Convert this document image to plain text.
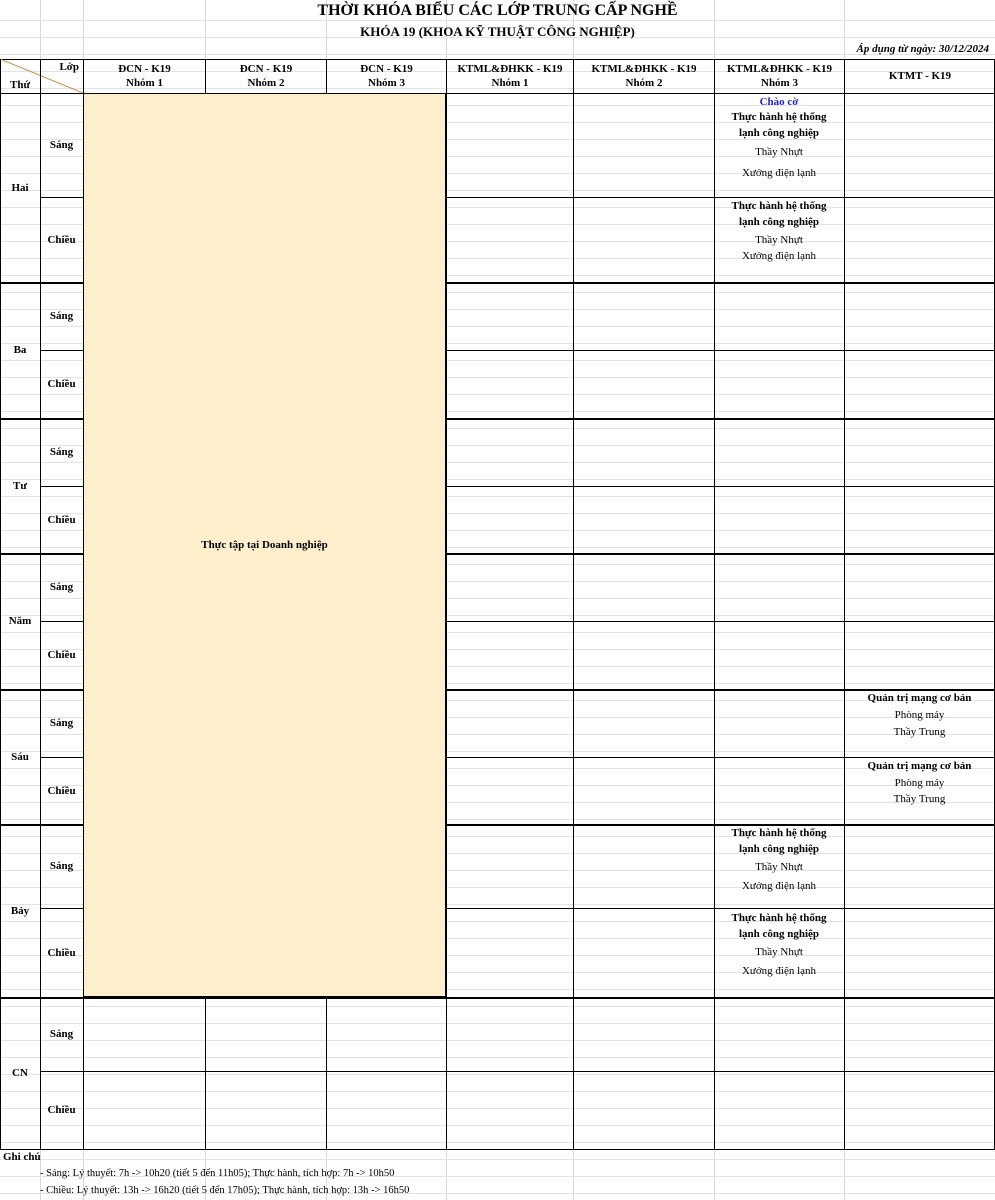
THỜI KHÓA BIỂU CÁC LỚP TRUNG CẤP NGHỀ
KHÓA 19 (KHOA KỸ THUẬT CÔNG NGHIỆP)
Áp dụng từ ngày: 30/12/2024
Lớp
Thứ
ĐCN - K19
Nhóm 1
ĐCN - K19
Nhóm 2
ĐCN - K19
Nhóm 3
KTML&ĐHKK - K19
Nhóm 1
KTML&ĐHKK - K19
Nhóm 2
KTML&ĐHKK - K19
Nhóm 3
KTMT - K19
Hai
Sáng
Chiều
Ba
Sáng
Chiều
Tư
Sáng
Chiều
Năm
Sáng
Chiều
Sáu
Sáng
Chiều
Bảy
Sáng
Chiều
CN
Sáng
Chiều
Thực tập tại Doanh nghiệp
Chào cờ
Thực hành hệ thống
lạnh công nghiệp
Thầy Nhựt
Xưởng điện lạnh
Thực hành hệ thống
lạnh công nghiệp
Thầy Nhựt
Xưởng điện lạnh
Quản trị mạng cơ bản
Phòng máy
Thầy Trung
Quản trị mạng cơ bản
Phòng máy
Thầy Trung
Thực hành hệ thống
lạnh công nghiệp
Thầy Nhựt
Xưởng điện lạnh
Thực hành hệ thống
lạnh công nghiệp
Thầy Nhựt
Xưởng điện lạnh
Ghi chú
- Sáng: Lý thuyết: 7h -> 10h20 (tiết 5 đến 11h05); Thực hành, tích hợp: 7h -> 10h50
- Chiều: Lý thuyết: 13h -> 16h20 (tiết 5 đến 17h05); Thực hành, tích hợp: 13h -> 16h50
